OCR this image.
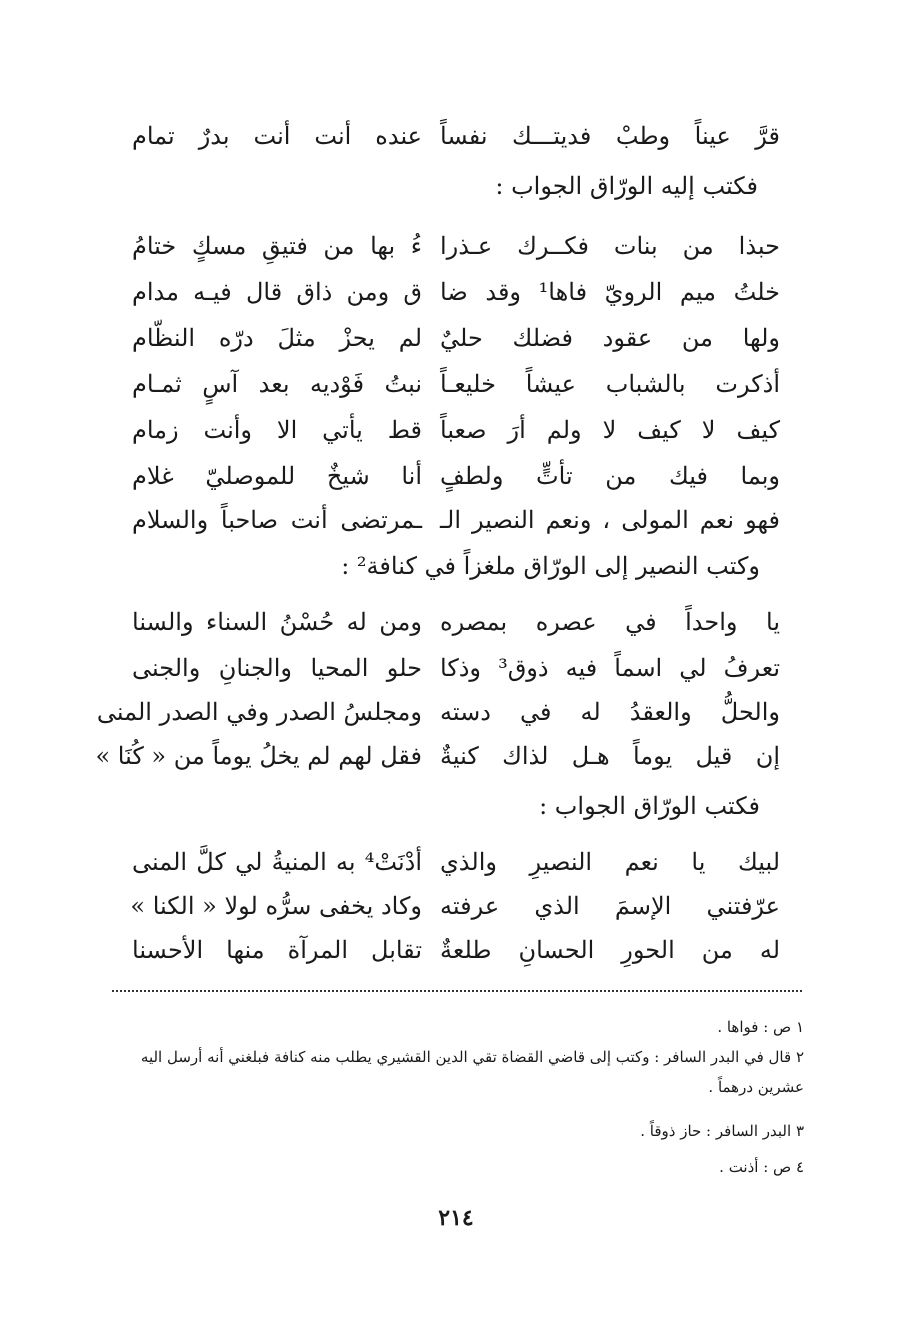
قرَّ عيناً وطبْ فديتـــك نفساً
عنده أنت أنت بدرٌ تمام
فكتب إليه الورّاق الجواب :
حبذا من بنات فكــرك عـذرا
ءُ بها من فتيقِ مسكٍ ختامُ
خلتُ ميم الرويّ فاها¹ وقد ضا
ق ومن ذاق قال فيـه مدام
ولها من عقود فضلك حليٌ
لم يحزْ مثلَ درّه النظّام
أذكرت بالشباب عيشاً خليعـاً
نبتُ فَوْديه بعد آسٍ ثمـام
كيف لا كيف لا ولم أرَ صعباً
قط يأتي الا وأنت زمام
وبما فيك من تأتٍّ ولطفٍ
أنا شيخٌ للموصليّ غلام
فهو نعم المولى ، ونعم النصير الـ
ـمرتضى أنت صاحباً والسلام
وكتب النصير إلى الورّاق ملغزاً في كنافة² :
يا واحداً في عصره بمصره
ومن له حُسْنُ السناء والسنا
تعرفُ لي اسماً فيه ذوق³ وذكا
حلو المحيا والجنانِ والجنى
والحلُّ والعقدُ له في دسته
ومجلسُ الصدر وفي الصدر المنى
إن قيل يوماً هـل لذاك كنيةٌ
فقل لهم لم يخلُ يوماً من « كُنَا »
فكتب الورّاق الجواب :
لبيك يا نعم النصيرِ والذي
أدْنَتْ⁴ به المنيةُ لي كلَّ المنى
عرّفتني الإسمَ الذي عرفته
وكاد يخفى سرُّه لولا « الكنا »
له من الحورِ الحسانِ طلعةٌ
تقابل المرآة منها الأحسنا
١ ص : فواها .
٢ قال في البدر السافر : وكتب إلى قاضي القضاة تقي الدين القشيري يطلب منه كنافة فبلغني أنه أرسل اليه عشرين درهماً .
٣ البدر السافر : حاز ذوقاً .
٤ ص : أذنت .
٢١٤
